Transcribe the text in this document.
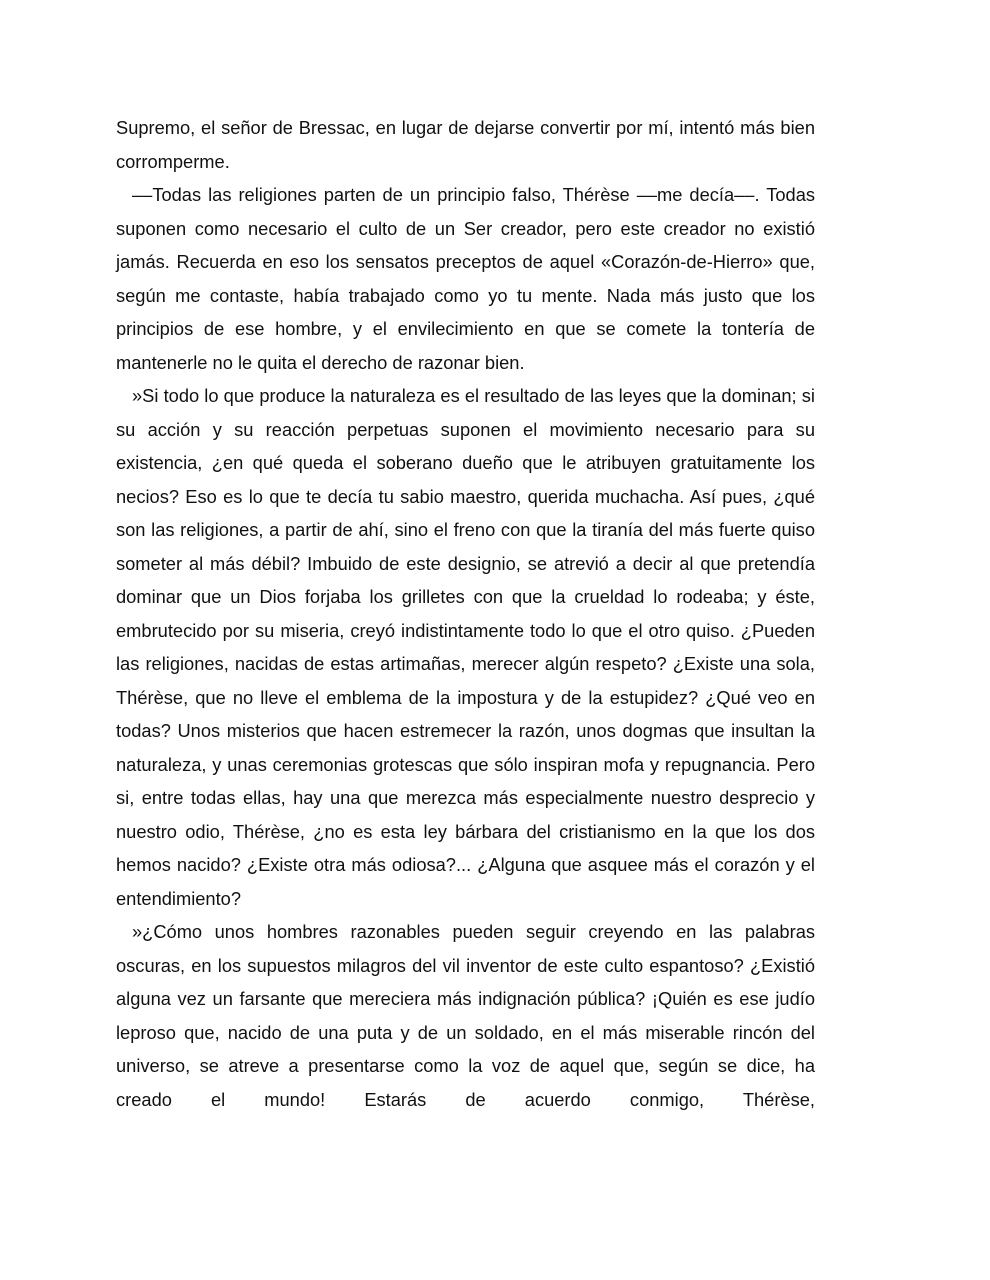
Supremo, el señor de Bressac, en lugar de dejarse convertir por mí, intentó más bien corromperme.

––Todas las religiones parten de un principio falso, Thérèse ––me decía––. Todas suponen como necesario el culto de un Ser creador, pero este creador no existió jamás. Recuerda en eso los sensatos preceptos de aquel «Corazón-de-Hierro» que, según me contaste, había trabajado como yo tu mente. Nada más justo que los principios de ese hombre, y el envilecimiento en que se comete la tontería de mantenerle no le quita el derecho de razonar bien.

»Si todo lo que produce la naturaleza es el resultado de las leyes que la dominan; si su acción y su reacción perpetuas suponen el movimiento necesario para su existencia, ¿en qué queda el soberano dueño que le atribuyen gratuitamente los necios? Eso es lo que te decía tu sabio maestro, querida muchacha. Así pues, ¿qué son las religiones, a partir de ahí, sino el freno con que la tiranía del más fuerte quiso someter al más débil? Imbuido de este designio, se atrevió a decir al que pretendía dominar que un Dios forjaba los grilletes con que la crueldad lo rodeaba; y éste, embrutecido por su miseria, creyó indistintamente todo lo que el otro quiso. ¿Pueden las religiones, nacidas de estas artimañas, merecer algún respeto? ¿Existe una sola, Thérèse, que no lleve el emblema de la impostura y de la estupidez? ¿Qué veo en todas? Unos misterios que hacen estremecer la razón, unos dogmas que insultan la naturaleza, y unas ceremonias grotescas que sólo inspiran mofa y repugnancia. Pero si, entre todas ellas, hay una que merezca más especialmente nuestro desprecio y nuestro odio, Thérèse, ¿no es esta ley bárbara del cristianismo en la que los dos hemos nacido? ¿Existe otra más odiosa?... ¿Alguna que asquee más el corazón y el entendimiento?

»¿Cómo unos hombres razonables pueden seguir creyendo en las palabras oscuras, en los supuestos milagros del vil inventor de este culto espantoso? ¿Existió alguna vez un farsante que mereciera más indignación pública? ¡Quién es ese judío leproso que, nacido de una puta y de un soldado, en el más miserable rincón del universo, se atreve a presentarse como la voz de aquel que, según se dice, ha creado el mundo! Estarás de acuerdo conmigo, Thérèse,
